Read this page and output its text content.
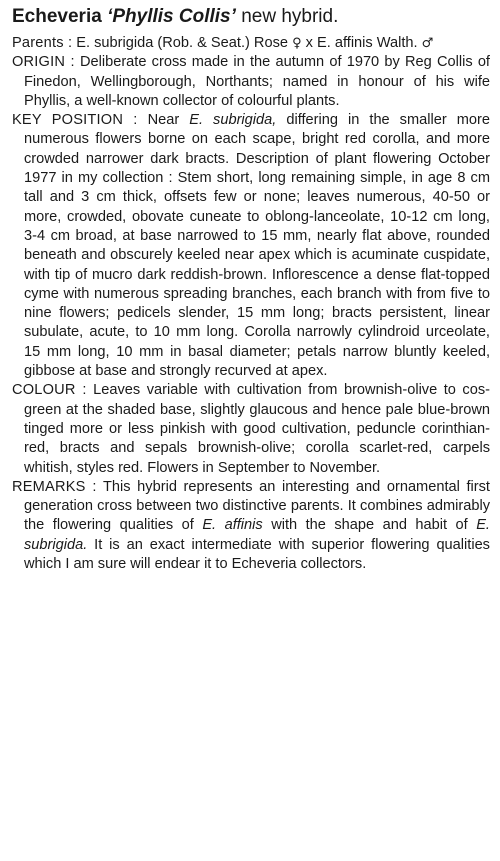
Echeveria ‘Phyllis Collis’ new hybrid.

Parents : E. subrigida (Rob. & Seat.) Rose ♀ x E. affinis Walth. ♂

ORIGIN : Deliberate cross made in the autumn of 1970 by Reg Collis of Finedon, Wellingborough, Northants; named in honour of his wife Phyllis, a well-known collector of colourful plants.

KEY POSITION : Near E. subrigida, differing in the smaller more numerous flowers borne on each scape, bright red corolla, and more crowded narrower dark bracts. Description of plant flowering October 1977 in my collection : Stem short, long remaining simple, in age 8 cm tall and 3 cm thick, offsets few or none; leaves numerous, 40-50 or more, crowded, obovate cuneate to oblong-lanceolate, 10-12 cm long, 3-4 cm broad, at base narrowed to 15 mm, nearly flat above, rounded beneath and obscurely keeled near apex which is acuminate cuspidate, with tip of mucro dark reddish-brown. Inflorescence a dense flat-topped cyme with numerous spreading branches, each branch with from five to nine flowers; pedicels slender, 15 mm long; bracts persistent, linear subulate, acute, to 10 mm long. Corolla narrowly cylindroid urceolate, 15 mm long, 10 mm in basal diameter; petals narrow bluntly keeled, gibbose at base and strongly recurved at apex.

COLOUR : Leaves variable with cultivation from brownish-olive to cos-green at the shaded base, slightly glaucous and hence pale blue-brown tinged more or less pinkish with good cultivation, peduncle corinthian-red, bracts and sepals brownish-olive; corolla scarlet-red, carpels whitish, styles red. Flowers in September to November.

REMARKS : This hybrid represents an interesting and ornamental first generation cross between two distinctive parents. It combines admirably the flowering qualities of E. affinis with the shape and habit of E. subrigida. It is an exact intermediate with superior flowering qualities which I am sure will endear it to Echeveria collectors.
